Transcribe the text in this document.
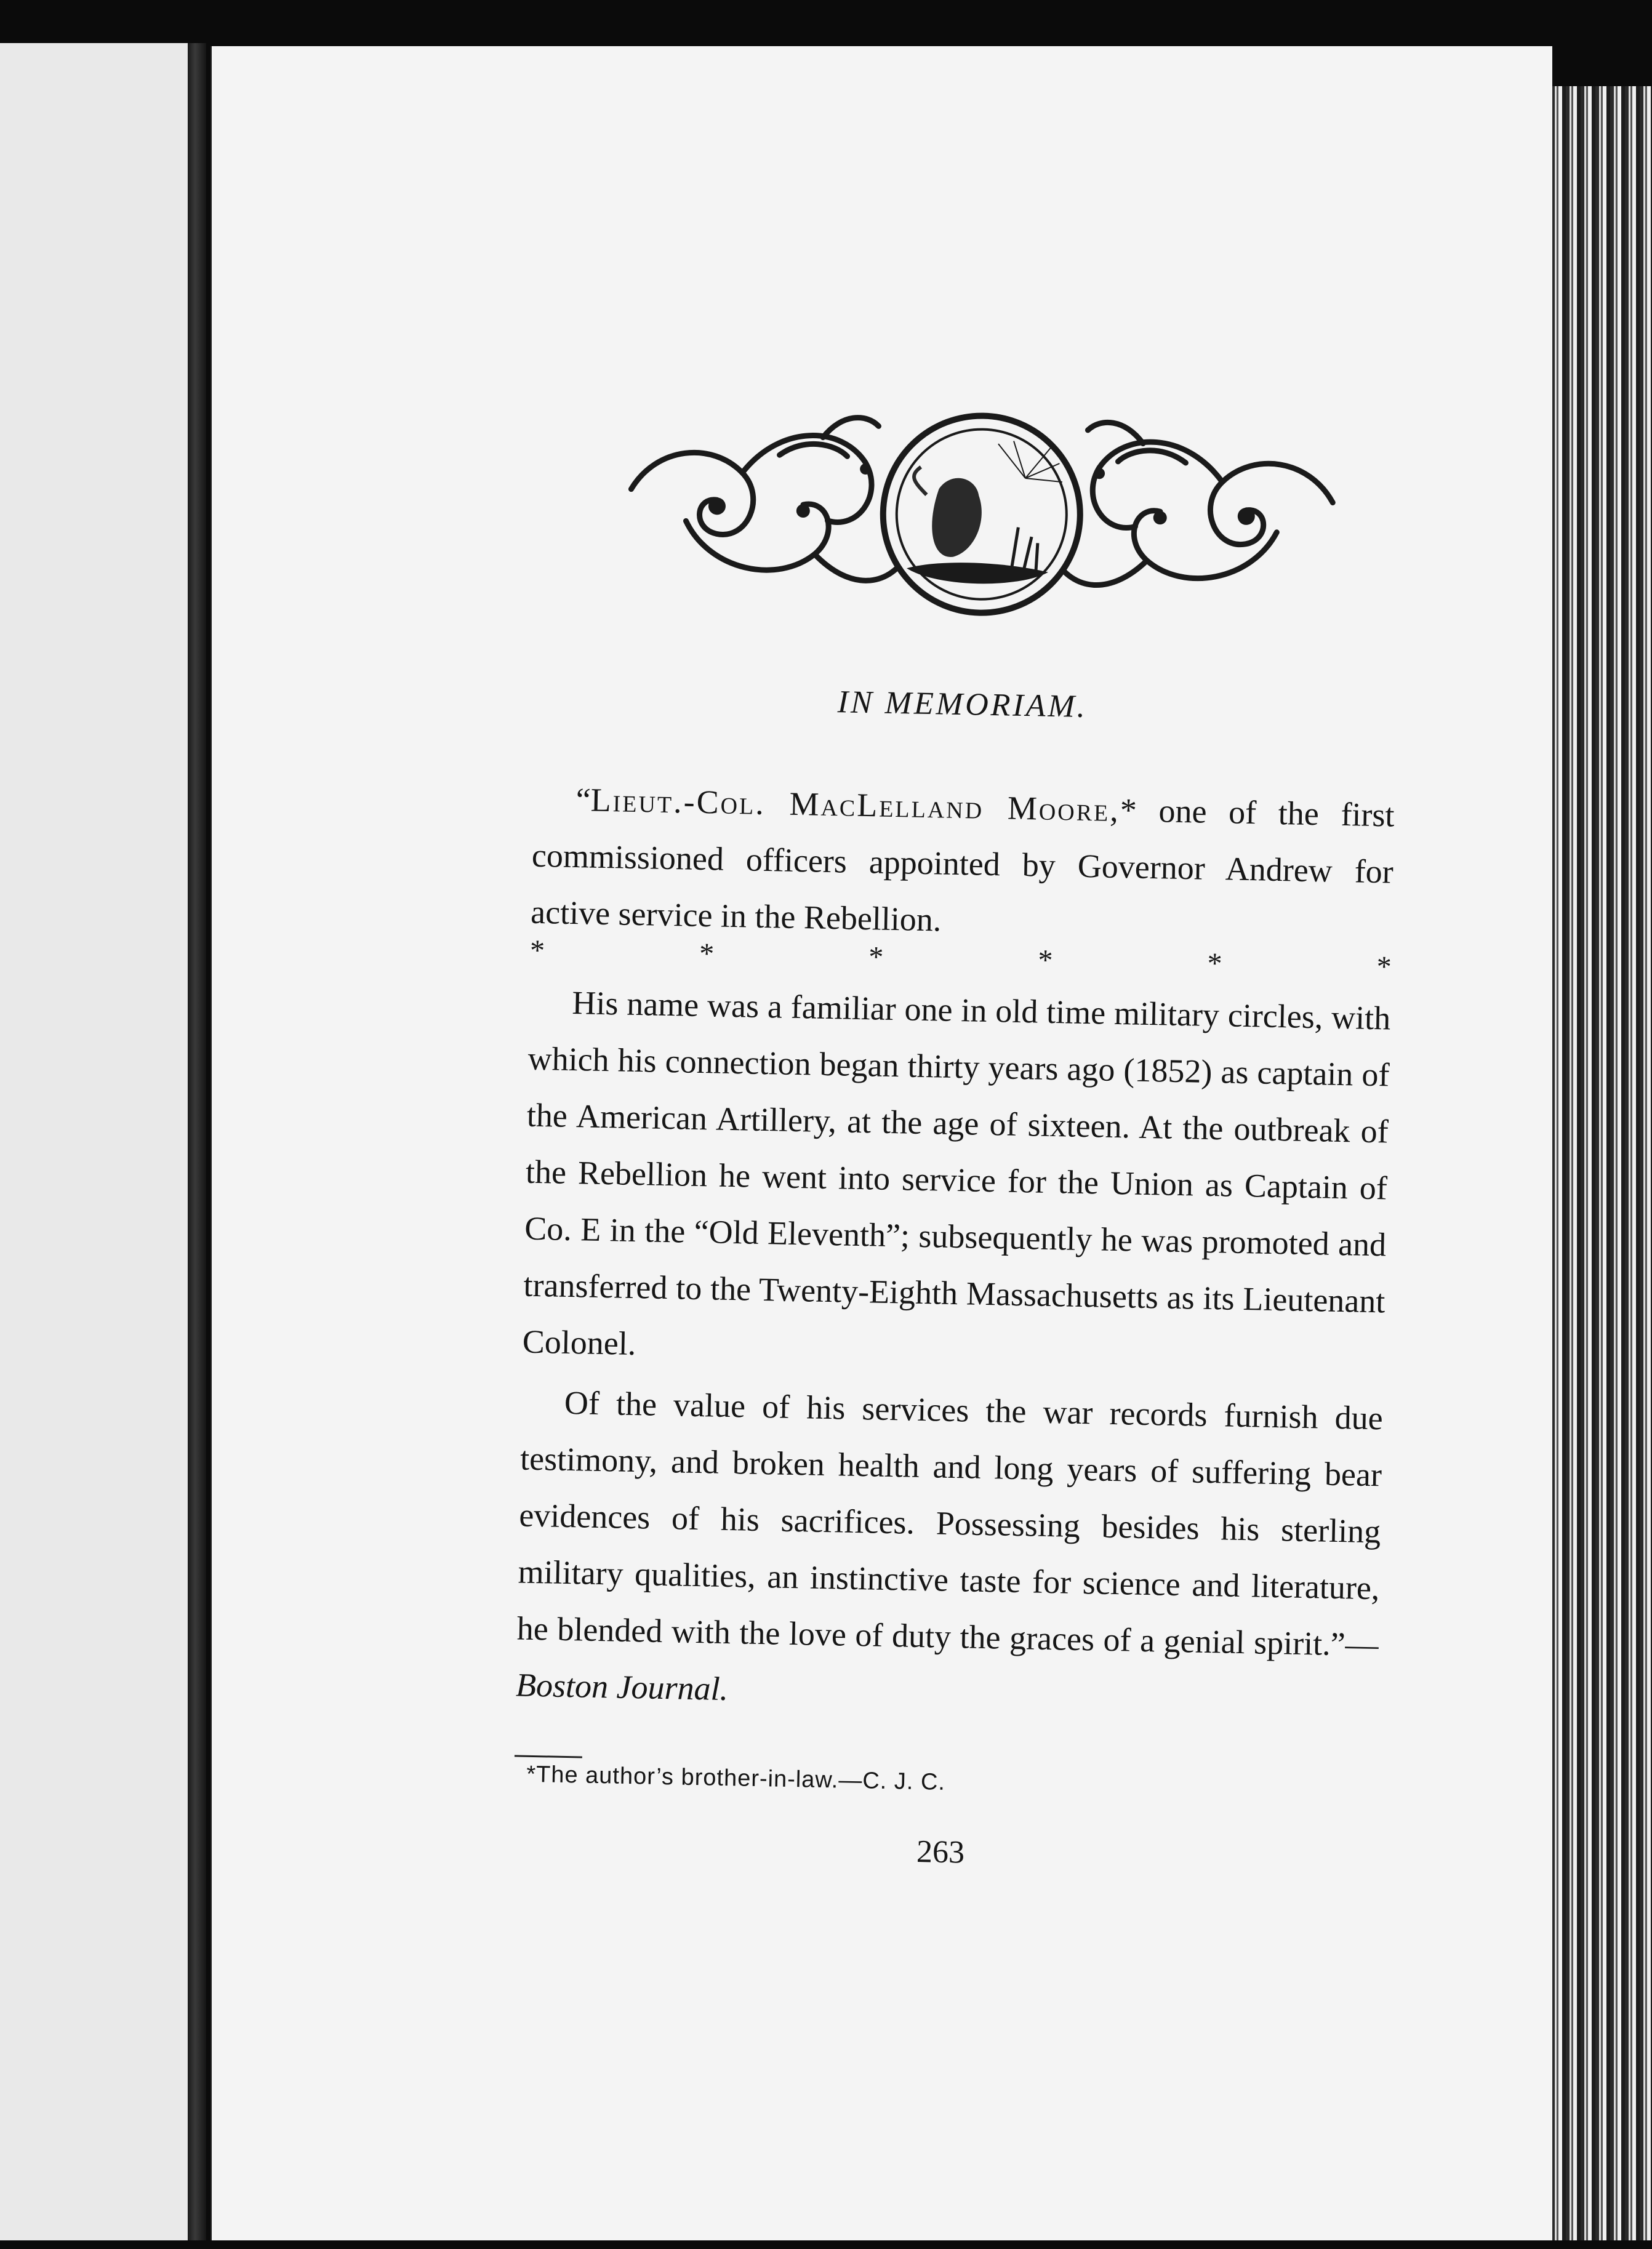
IN MEMORIAM.

“Lieut.-Col. MacLelland Moore,* one of the first commissioned officers appointed by Governor Andrew for active service in the Rebellion.

*	*	*	*	*	*

His name was a familiar one in old time military circles, with which his connection began thirty years ago (1852) as captain of the American Artillery, at the age of sixteen. At the outbreak of the Rebellion he went into service for the Union as Captain of Co. E in the “Old Eleventh”; subsequently he was promoted and transferred to the Twenty-Eighth Massachusetts as its Lieutenant Colonel.

Of the value of his services the war records furnish due testimony, and broken health and long years of suffering bear evidences of his sacrifices. Possessing besides his sterling military qualities, an instinctive taste for science and literature, he blended with the love of duty the graces of a genial spirit.”—Boston Journal.

*The author’s brother-in-law.—C. J. C.
263
